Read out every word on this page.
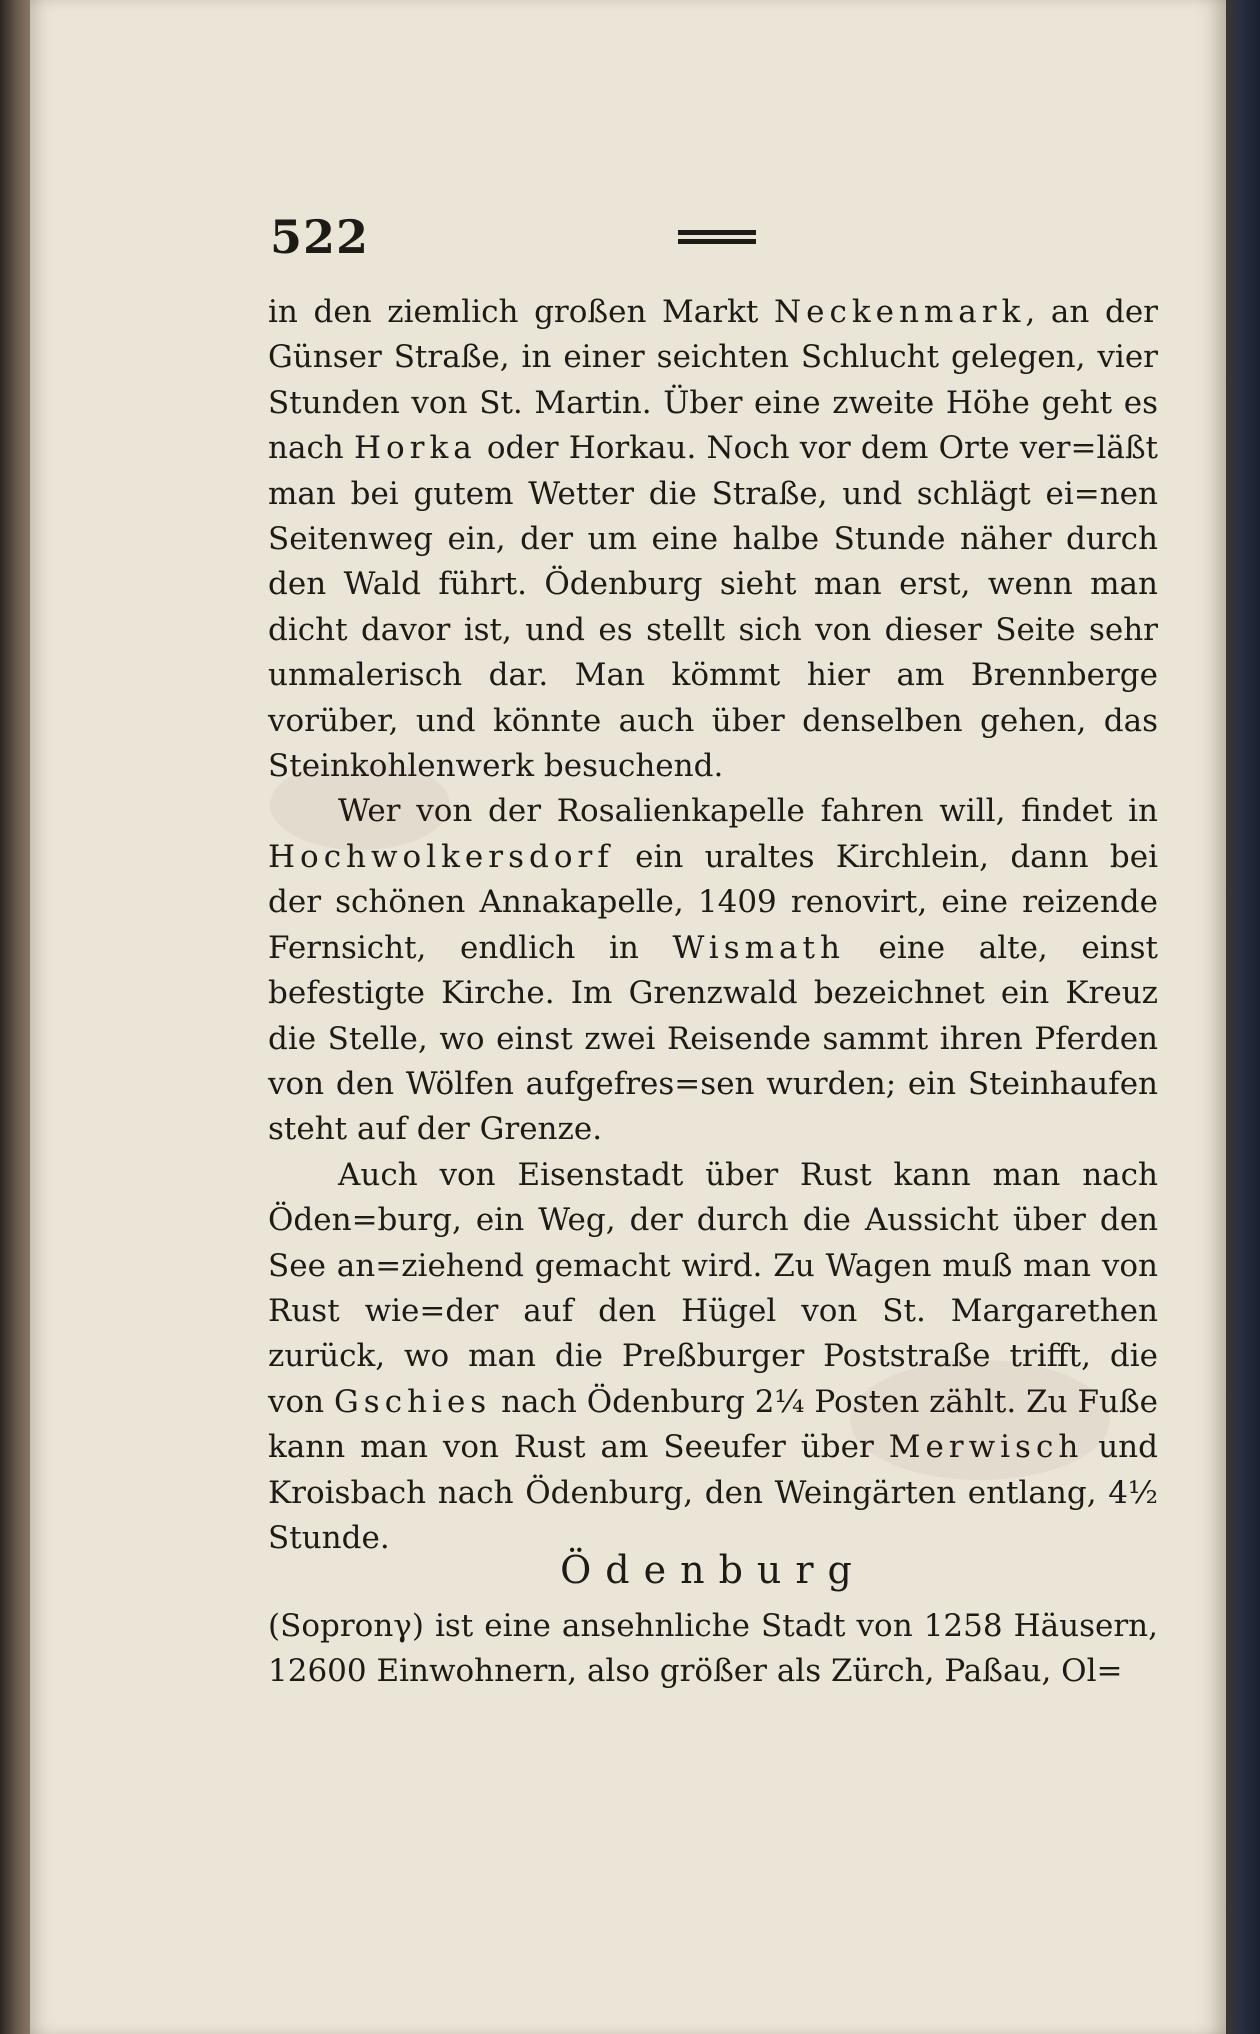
522

in den ziemlich großen Markt Neckenmark, an der Günser Straße, in einer seichten Schlucht gelegen, vier Stunden von St. Martin. Über eine zweite Höhe geht es nach Horka oder Horkau. Noch vor dem Orte ver=läßt man bei gutem Wetter die Straße, und schlägt ei=nen Seitenweg ein, der um eine halbe Stunde näher durch den Wald führt. Ödenburg sieht man erst, wenn man dicht davor ist, und es stellt sich von dieser Seite sehr unmalerisch dar. Man kömmt hier am Brennberge vorüber, und könnte auch über denselben gehen, das Steinkohlenwerk besuchend.

Wer von der Rosalienkapelle fahren will, findet in Hochwolkersdorf ein uraltes Kirchlein, dann bei der schönen Annakapelle, 1409 renovirt, eine reizende Fernsicht, endlich in Wismath eine alte, einst befestigte Kirche. Im Grenzwald bezeichnet ein Kreuz die Stelle, wo einst zwei Reisende sammt ihren Pferden von den Wölfen aufgefres=sen wurden; ein Steinhaufen steht auf der Grenze.

Auch von Eisenstadt über Rust kann man nach Öden=burg, ein Weg, der durch die Aussicht über den See an=ziehend gemacht wird. Zu Wagen muß man von Rust wie=der auf den Hügel von St. Margarethen zurück, wo man die Preßburger Poststraße trifft, die von Gschies nach Ödenburg 2¼ Posten zählt. Zu Fuße kann man von Rust am Seeufer über Merwisch und Kroisbach nach Ödenburg, den Weingärten entlang, 4½ Stunde.

Ödenburg
(Sopronγ) ist eine ansehnliche Stadt von 1258 Häusern, 12600 Einwohnern, also größer als Zürch, Paßau, Ol=
